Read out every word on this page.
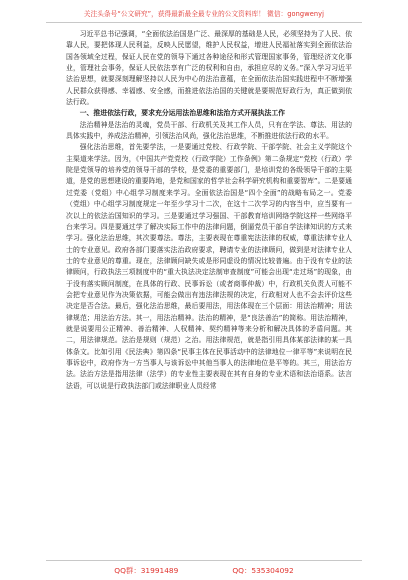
关注头条号“公文研究”，获得最新最全最专业的公文资料库！ 微信：gongwenyj

习近平总书记强调，“全面依法治国是广泛、最深厚的基础是人民，必须坚持为了人民、依靠人民，要把体现人民利益，反映人民愿望，维护人民权益，增进人民福祉落实到全面依法治国各领域全过程，保证人民在党的领导下通过各种途径和形式管理国家事务，管理经济文化事业，管理社会事务，保证人民依法享有广泛的权利和自由，承担应尽的义务。”深入学习习近平法治思想，就要深刻理解坚持以人民为中心的法治意蕴，在全面依法治国实践进程中不断增强人民群众获得感、幸福感、安全感，而推进依法治国的关键就是要规范好政行为，真正做到依法行政。

一、推进依法行政，要求充分运用法治思维和法治方式开展执法工作

法治精神是法治的灵魂，党员干部、行政机关及其工作人员，只有在学法、尊法、用法的具体实践中，养成法治精神，引领法治风尚，强化法治思维，不断推进依法行政的水平。

强化法治思维，首先要学法，一是要通过党校、行政学院、干部学院、社会主义学院这个主渠道来学法。因为，《中国共产党党校（行政学院）工作条例》第二条规定“党校（行政）学院是党领导的培养党的领导干部的学校，是党委的重要部门，是培训党的各级领导干部的主渠道，是党的思想建设的重要阵地，是党和国家的哲学社会科学研究机构和重要智库”。二是要通过党委（党组）中心组学习制度来学习。全面依法治国是“四个全面”的战略布局之一。党委（党组）中心组学习制度规定一年至少学习十二次，在这十二次学习的内容当中，应当要有一次以上的依法治国知识的学习。三是要通过学习强国、干部教育培训网络学院这样一些网络平台来学习。四是要通过学了解决实际工作中的法律问题，倒逼党员干部自学法律知识的方式来学习。强化法治思维，其次要尊法。尊法，主要表现在尊重宪法法律的权威，尊重法律专业人士的专业意见。政府各部门要落实法治政府要求，聘请专业的法律顾问，做到是对法律专业人士的专业意见的尊重。现在，法律顾问缺失或是形同虚设的情况比较普遍。由于没有专业的法律顾问，行政执法三项制度中的“重大执法决定法制审查制度”可能会出现“走过场”的现象，由于没有落实顾问制度，在具体的行政、民事诉讼（或者商事仲裁）中，行政机关负责人可能不会把专业意见作为决策依据，可能会做出有违法律法规的决定，行政相对人也不会去评价这些决定是否合法。最后，强化法治思维，最后要用法，用法体现在三个层面：用法治精神；用法律规范；用法治方法。其一，用法治精神。法治的精神，是“良法善治”的简称。用法治精神，就是说要用公正精神、善治精神、人权精神、契约精神等来分析和解决具体的矛盾问题。其二，用法律规范。法治是规则（规范）之治。用法律规范，就是指引用具体某部法律的某一具体条文。比如引用《民法典》第四条“民事主体在民事活动中的法律地位一律平等”来说明在民事诉讼中，政府作为一方当事人与该诉讼中其他当事人的法律地位是平等的。其三，用法治方法。法治方法是指用法律（法学）的专业性主要表现在其有自身的专业术语和法治语系。法言法语，可以说是行政执法部门或法律职业人员经常

QQ群：31991489	QQ：535304092
